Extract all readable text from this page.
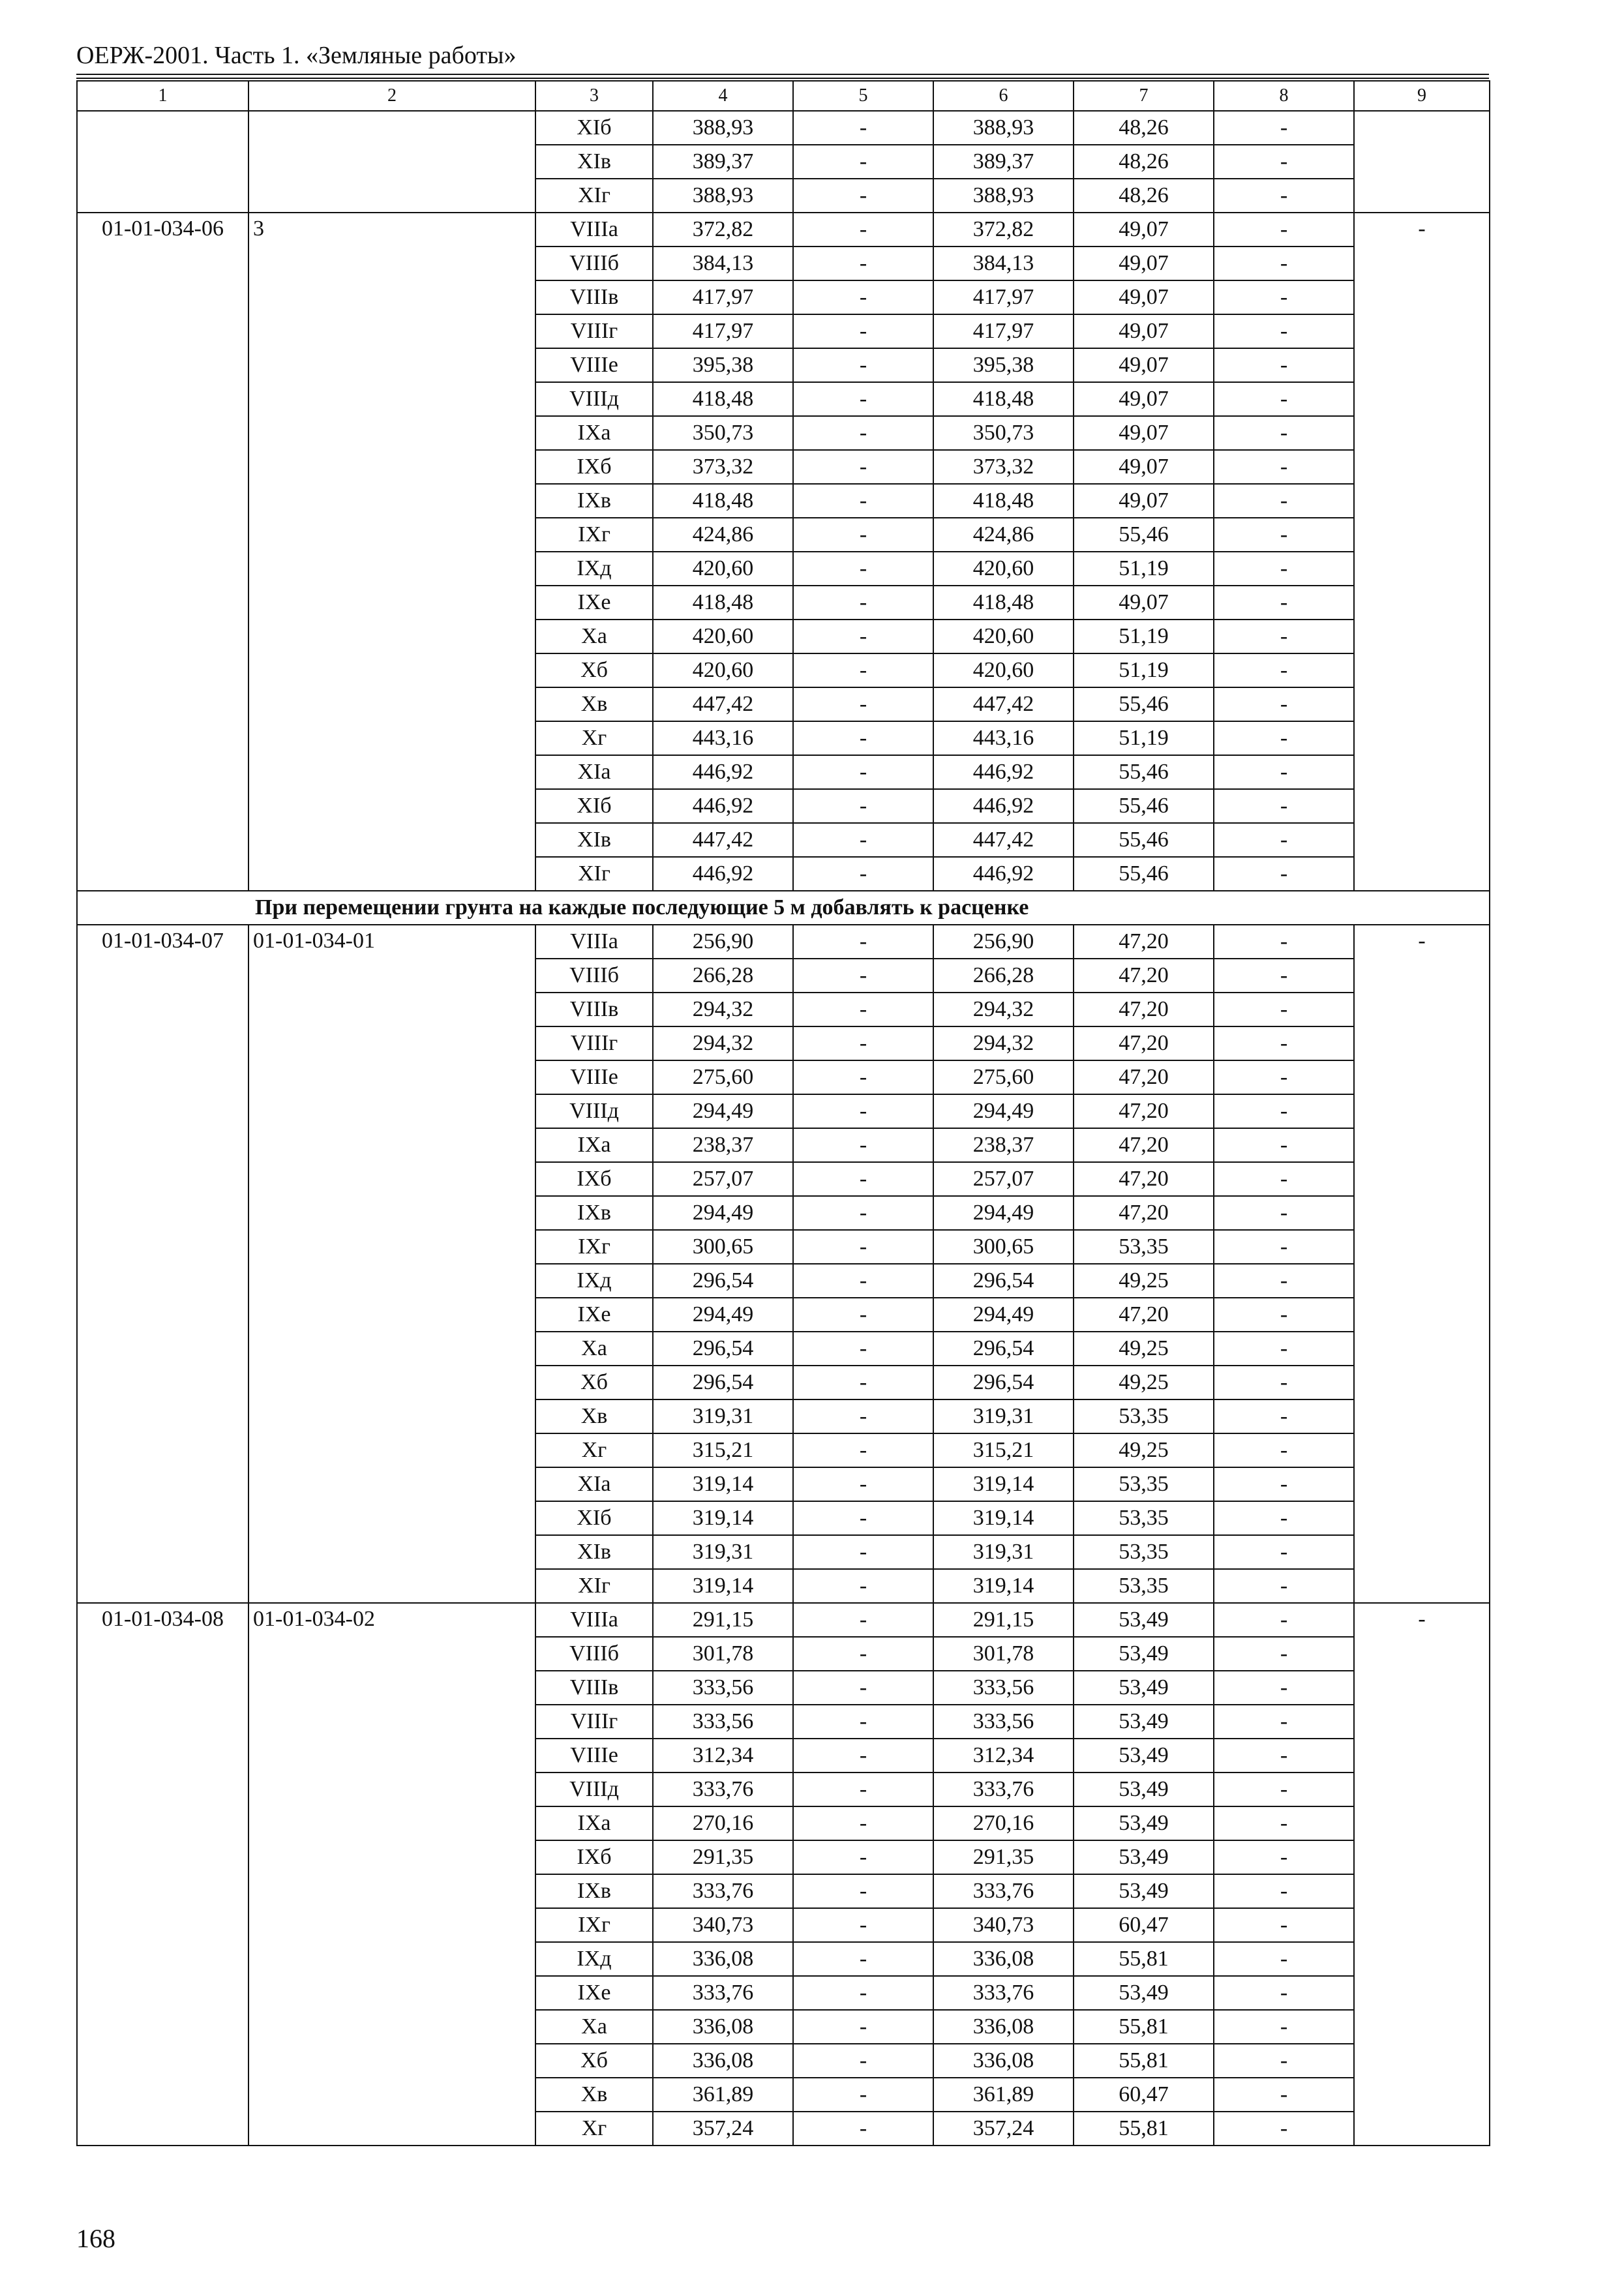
ОЕРЖ-2001. Часть 1. «Земляные работы»
1	2	3	4	5	6	7	8	9
		XIб	388,93	-	388,93	48,26	-	
		XIв	389,37	-	389,37	48,26	-	
		XIг	388,93	-	388,93	48,26	-	
01-01-034-06	3	VIIIа	372,82	-	372,82	49,07	-	-
		VIIIб	384,13	-	384,13	49,07	-	
		VIIIв	417,97	-	417,97	49,07	-	
		VIIIг	417,97	-	417,97	49,07	-	
		VIIIе	395,38	-	395,38	49,07	-	
		VIIIд	418,48	-	418,48	49,07	-	
		IXа	350,73	-	350,73	49,07	-	
		IXб	373,32	-	373,32	49,07	-	
		IXв	418,48	-	418,48	49,07	-	
		IXг	424,86	-	424,86	55,46	-	
		IXд	420,60	-	420,60	51,19	-	
		IXе	418,48	-	418,48	49,07	-	
		Xа	420,60	-	420,60	51,19	-	
		Xб	420,60	-	420,60	51,19	-	
		Xв	447,42	-	447,42	55,46	-	
		Xг	443,16	-	443,16	51,19	-	
		XIа	446,92	-	446,92	55,46	-	
		XIб	446,92	-	446,92	55,46	-	
		XIв	447,42	-	447,42	55,46	-	
		XIг	446,92	-	446,92	55,46	-	
При перемещении грунта на каждые последующие 5 м добавлять к расценке								
01-01-034-07	01-01-034-01	VIIIа	256,90	-	256,90	47,20	-	-
		VIIIб	266,28	-	266,28	47,20	-	
		VIIIв	294,32	-	294,32	47,20	-	
		VIIIг	294,32	-	294,32	47,20	-	
		VIIIе	275,60	-	275,60	47,20	-	
		VIIIд	294,49	-	294,49	47,20	-	
		IXа	238,37	-	238,37	47,20	-	
		IXб	257,07	-	257,07	47,20	-	
		IXв	294,49	-	294,49	47,20	-	
		IXг	300,65	-	300,65	53,35	-	
		IXд	296,54	-	296,54	49,25	-	
		IXе	294,49	-	294,49	47,20	-	
		Xа	296,54	-	296,54	49,25	-	
		Xб	296,54	-	296,54	49,25	-	
		Xв	319,31	-	319,31	53,35	-	
		Xг	315,21	-	315,21	49,25	-	
		XIа	319,14	-	319,14	53,35	-	
		XIб	319,14	-	319,14	53,35	-	
		XIв	319,31	-	319,31	53,35	-	
		XIг	319,14	-	319,14	53,35	-	
01-01-034-08	01-01-034-02	VIIIа	291,15	-	291,15	53,49	-	-
		VIIIб	301,78	-	301,78	53,49	-	
		VIIIв	333,56	-	333,56	53,49	-	
		VIIIг	333,56	-	333,56	53,49	-	
		VIIIе	312,34	-	312,34	53,49	-	
		VIIIд	333,76	-	333,76	53,49	-	
		IXа	270,16	-	270,16	53,49	-	
		IXб	291,35	-	291,35	53,49	-	
		IXв	333,76	-	333,76	53,49	-	
		IXг	340,73	-	340,73	60,47	-	
		IXд	336,08	-	336,08	55,81	-	
		IXе	333,76	-	333,76	53,49	-	
		Xа	336,08	-	336,08	55,81	-	
		Xб	336,08	-	336,08	55,81	-	
		Xв	361,89	-	361,89	60,47	-	
		Xг	357,24	-	357,24	55,81	-	
168
